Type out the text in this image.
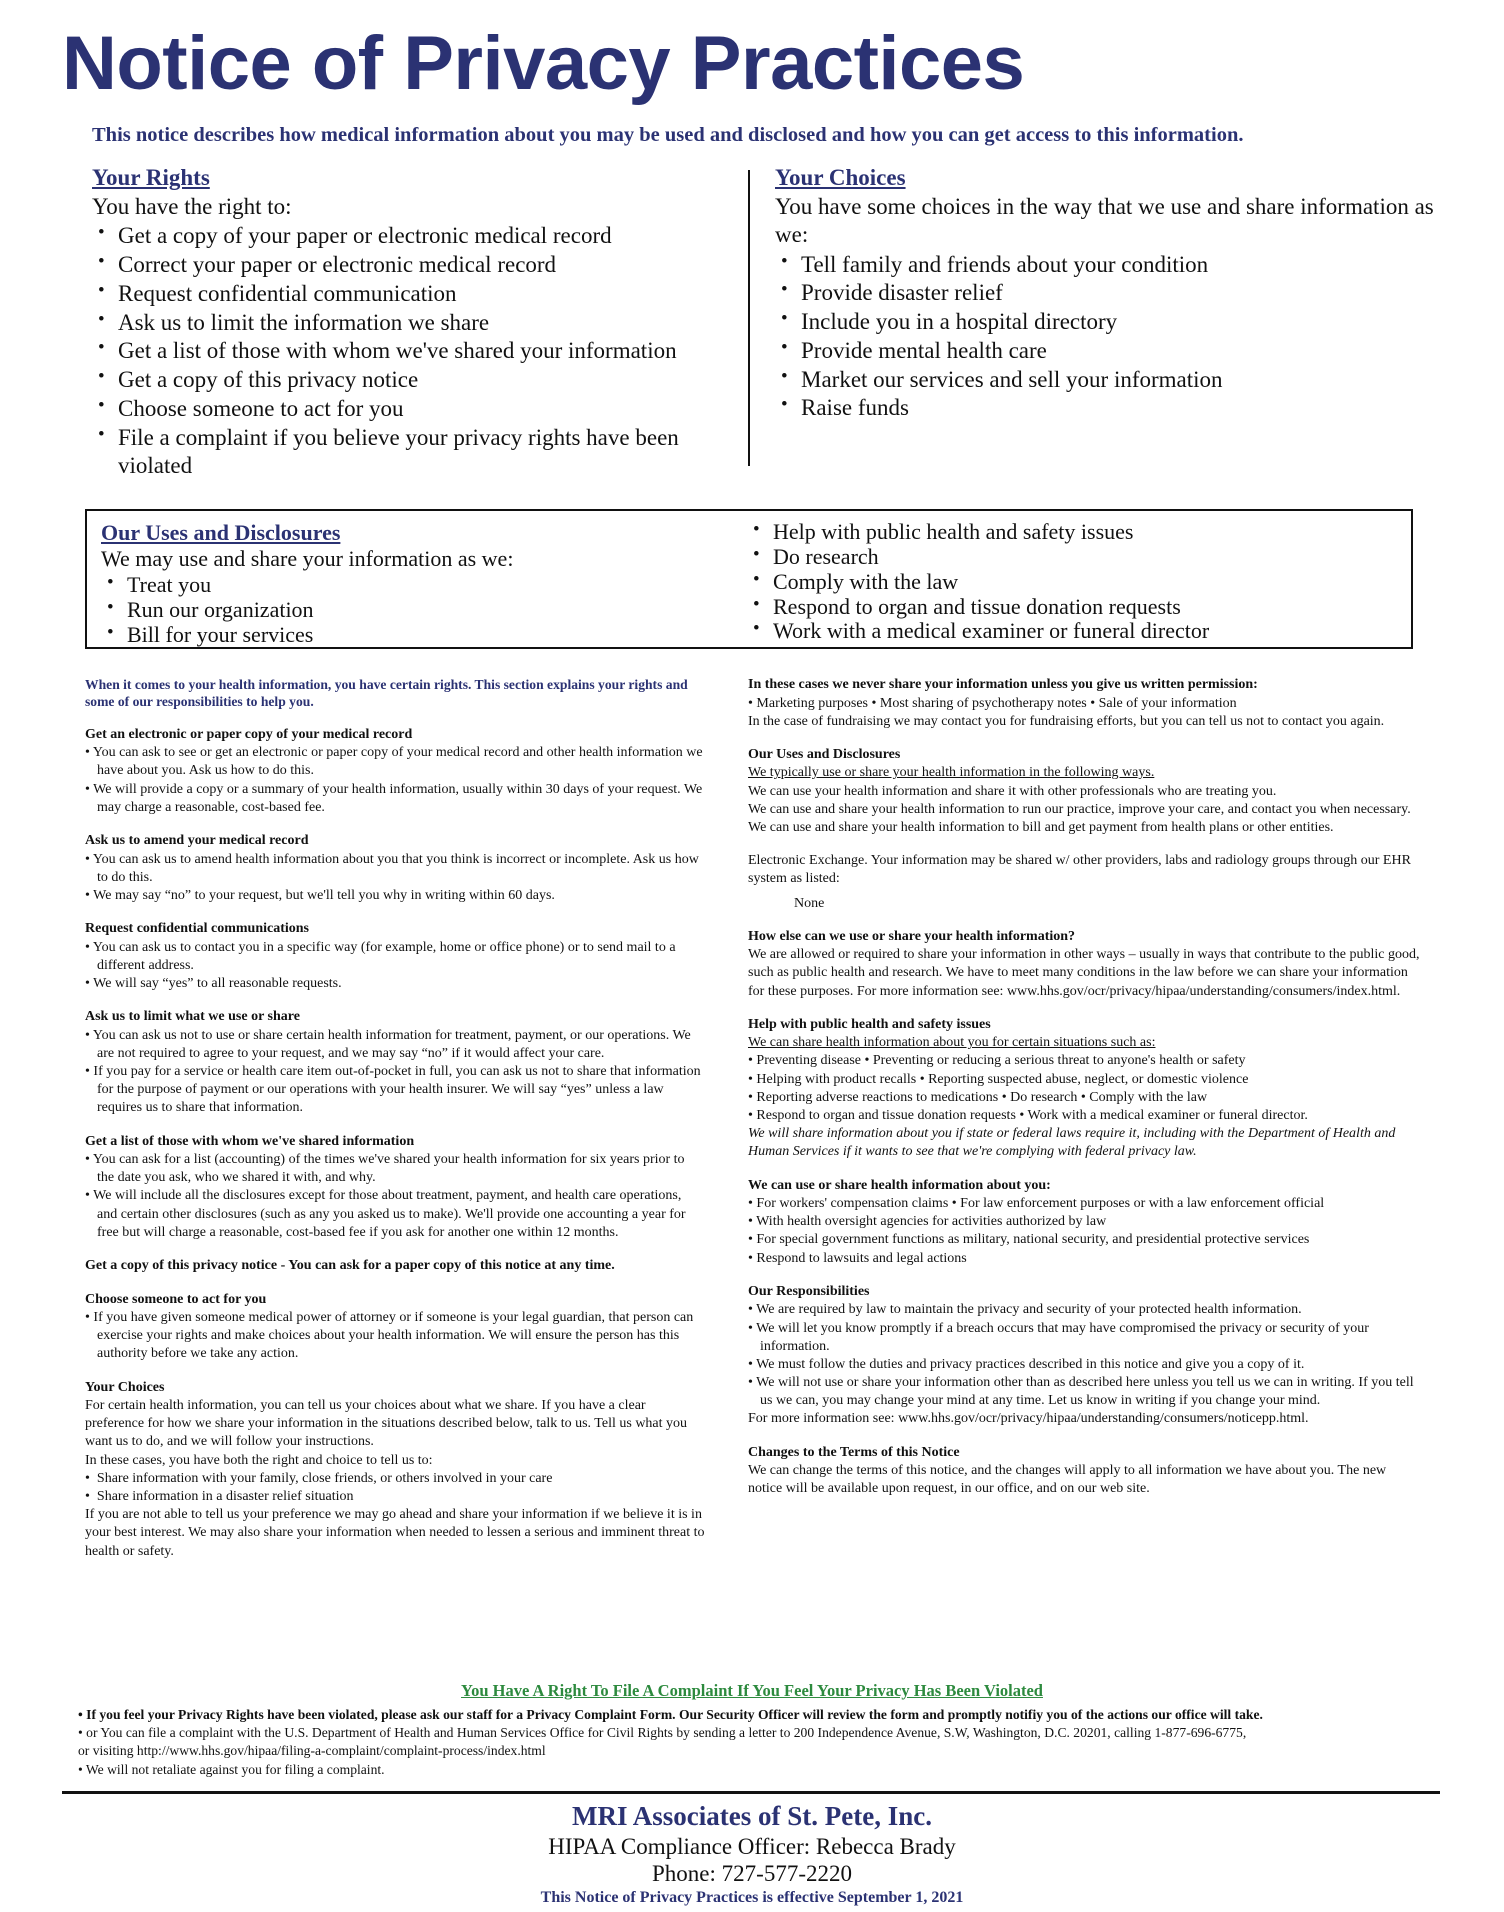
Notice of Privacy Practices
This notice describes how medical information about you may be used and disclosed and how you can get access to this information.
Your Rights
You have the right to:
• Get a copy of your paper or electronic medical record
• Correct your paper or electronic medical record
• Request confidential communication
• Ask us to limit the information we share
• Get a list of those with whom we've shared your information
• Get a copy of this privacy notice
• Choose someone to act for you
• File a complaint if you believe your privacy rights have been violated
Your Choices
You have some choices in the way that we use and share information as we:
• Tell family and friends about your condition
• Provide disaster relief
• Include you in a hospital directory
• Provide mental health care
• Market our services and sell your information
• Raise funds
Our Uses and Disclosures
We may use and share your information as we:
• Treat you
• Run our organization
• Bill for your services
• Help with public health and safety issues
• Do research
• Comply with the law
• Respond to organ and tissue donation requests
• Work with a medical examiner or funeral director
When it comes to your health information, you have certain rights. This section explains your rights and some of our responsibilities to help you.
Get an electronic or paper copy of your medical record

• You can ask to see or get an electronic or paper copy of your medical record and other health information we have about you. Ask us how to do this.

• We will provide a copy or a summary of your health information, usually within 30 days of your request. We may charge a reasonable, cost-based fee.

Ask us to amend your medical record

• You can ask us to amend health information about you that you think is incorrect or incomplete. Ask us how to do this.

• We may say “no” to your request, but we'll tell you why in writing within 60 days.

Request confidential communications

• You can ask us to contact you in a specific way (for example, home or office phone) or to send mail to a different address.

• We will say “yes” to all reasonable requests.

Ask us to limit what we use or share

• You can ask us not to use or share certain health information for treatment, payment, or our operations. We are not required to agree to your request, and we may say “no” if it would affect your care.

• If you pay for a service or health care item out-of-pocket in full, you can ask us not to share that information for the purpose of payment or our operations with your health insurer. We will say “yes” unless a law requires us to share that information.

Get a list of those with whom we've shared information

• You can ask for a list (accounting) of the times we've shared your health information for six years prior to the date you ask, who we shared it with, and why.

• We will include all the disclosures except for those about treatment, payment, and health care operations, and certain other disclosures (such as any you asked us to make). We'll provide one accounting a year for free but will charge a reasonable, cost-based fee if you ask for another one within 12 months.

Get a copy of this privacy notice - You can ask for a paper copy of this notice at any time.
Choose someone to act for you

• If you have given someone medical power of attorney or if someone is your legal guardian, that person can exercise your rights and make choices about your health information. We will ensure the person has this authority before we take any action.

Your Choices

For certain health information, you can tell us your choices about what we share. If you have a clear preference for how we share your information in the situations described below, talk to us. Tell us what you want us to do, and we will follow your instructions.

In these cases, you have both the right and choice to tell us to:

•  Share information with your family, close friends, or others involved in your care

•  Share information in a disaster relief situation

If you are not able to tell us your preference we may go ahead and share your information if we believe it is in your best interest. We may also share your information when needed to lessen a serious and imminent threat to health or safety.

In these cases we never share your information unless you give us written permission:

• Marketing purposes • Most sharing of psychotherapy notes • Sale of your information

In the case of fundraising we may contact you for fundraising efforts, but you can tell us not to contact you again.

Our Uses and Disclosures

We typically use or share your health information in the following ways.

We can use your health information and share it with other professionals who are treating you.

We can use and share your health information to run our practice, improve your care, and contact you when necessary.

We can use and share your health information to bill and get payment from health plans or other entities.

Electronic Exchange. Your information may be shared w/ other providers, labs and radiology groups through our EHR system as listed:

None

How else can we use or share your health information?

We are allowed or required to share your information in other ways – usually in ways that contribute to the public good, such as public health and research. We have to meet many conditions in the law before we can share your information for these purposes. For more information see: www.hhs.gov/ocr/privacy/hipaa/understanding/consumers/index.html.

Help with public health and safety issues

We can share health information about you for certain situations such as:

• Preventing disease • Preventing or reducing a serious threat to anyone's health or safety

• Helping with product recalls • Reporting suspected abuse, neglect, or domestic violence

• Reporting adverse reactions to medications • Do research • Comply with the law

• Respond to organ and tissue donation requests • Work with a medical examiner or funeral director.

We will share information about you if state or federal laws require it, including with the Department of Health and Human Services if it wants to see that we're complying with federal privacy law.

We can use or share health information about you:

• For workers' compensation claims • For law enforcement purposes or with a law enforcement official

• With health oversight agencies for activities authorized by law

• For special government functions as military, national security, and presidential protective services

• Respond to lawsuits and legal actions

Our Responsibilities

• We are required by law to maintain the privacy and security of your protected health information.

• We will let you know promptly if a breach occurs that may have compromised the privacy or security of your information.

• We must follow the duties and privacy practices described in this notice and give you a copy of it.

• We will not use or share your information other than as described here unless you tell us we can in writing. If you tell us we can, you may change your mind at any time. Let us know in writing if you change your mind.

For more information see: www.hhs.gov/ocr/privacy/hipaa/understanding/consumers/noticepp.html.

Changes to the Terms of this Notice

We can change the terms of this notice, and the changes will apply to all information we have about you. The new notice will be available upon request, in our office, and on our web site.

You Have A Right To File A Complaint If You Feel Your Privacy Has Been Violated

• If you feel your Privacy Rights have been violated, please ask our staff for a Privacy Complaint Form. Our Security Officer will review the form and promptly notifiy you of the actions our office will take.

• or You can file a complaint with the U.S. Department of Health and Human Services Office for Civil Rights by sending a letter to 200 Independence Avenue, S.W, Washington, D.C. 20201, calling 1-877-696-6775,

or visiting http://www.hhs.gov/hipaa/filing-a-complaint/complaint-process/index.html

• We will not retaliate against you for filing a complaint.

MRI Associates of St. Pete, Inc.
HIPAA Compliance Officer: Rebecca Brady
Phone: 727-577-2220
This Notice of Privacy Practices is effective September 1, 2021
